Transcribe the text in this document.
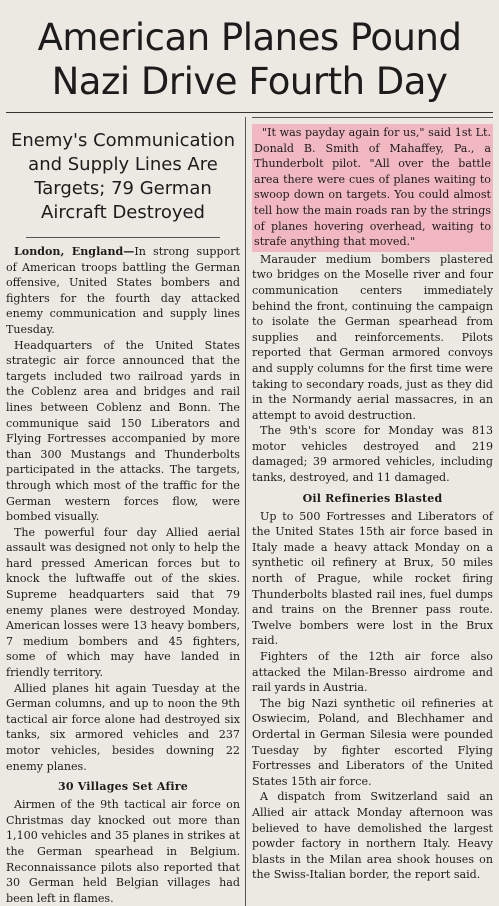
American Planes Pound
Nazi Drive Fourth Day
Enemy's Communication
and Supply Lines Are
Targets; 79 German
Aircraft Destroyed

London, England—In strong support of American troops battling the German offensive, United States bombers and fighters for the fourth day attacked enemy communication and supply lines Tuesday.

Headquarters of the United States strategic air force announced that the targets included two railroad yards in the Coblenz area and bridges and rail lines between Coblenz and Bonn. The communique said 150 Liberators and Flying Fortresses accompanied by more than 300 Mustangs and Thunderbolts participated in the attacks. The targets, through which most of the traffic for the German western forces flow, were bombed visually.

The powerful four day Allied aerial assault was designed not only to help the hard pressed American forces but to knock the luftwaffe out of the skies. Supreme headquarters said that 79 enemy planes were destroyed Monday. American losses were 13 heavy bombers, 7 medium bombers and 45 fighters, some of which may have landed in friendly territory.

Allied planes hit again Tuesday at the German columns, and up to noon the 9th tactical air force alone had destroyed six tanks, six armored vehicles and 237 motor vehicles, besides downing 22 enemy planes.

30 Villages Set Afire

Airmen of the 9th tactical air force on Christmas day knocked out more than 1,100 vehicles and 35 planes in strikes at the German spearhead in Belgium. Reconnaissance pilots also reported that 30 German held Belgian villages had been left in flames.

"It was payday again for us," said 1st Lt. Donald B. Smith of Mahaffey, Pa., a Thunderbolt pilot. "All over the battle area there were cues of planes waiting to swoop down on targets. You could almost tell how the main roads ran by the strings of planes hovering overhead, waiting to strafe anything that moved."

Marauder medium bombers plastered two bridges on the Moselle river and four communication centers immediately behind the front, continuing the campaign to isolate the German spearhead from supplies and reinforcements. Pilots reported that German armored convoys and supply columns for the first time were taking to secondary roads, just as they did in the Normandy aerial massacres, in an attempt to avoid destruction.

The 9th's score for Monday was 813 motor vehicles destroyed and 219 damaged; 39 armored vehicles, including tanks, destroyed, and 11 damaged.

Oil Refineries Blasted

Up to 500 Fortresses and Liberators of the United States 15th air force based in Italy made a heavy attack Monday on a synthetic oil refinery at Brux, 50 miles north of Prague, while rocket firing Thunderbolts blasted rail ines, fuel dumps and trains on the Brenner pass route. Twelve bombers were lost in the Brux raid.

Fighters of the 12th air force also attacked the Milan-Bresso airdrome and rail yards in Austria.

The big Nazi synthetic oil refineries at Oswiecim, Poland, and Blechhamer and Ordertal in German Silesia were pounded Tuesday by fighter escorted Flying Fortresses and Liberators of the United States 15th air force.

A dispatch from Switzerland said an Allied air attack Monday afternoon was believed to have demolished the largest powder factory in northern Italy. Heavy blasts in the Milan area shook houses on the Swiss-Italian border, the report said.
